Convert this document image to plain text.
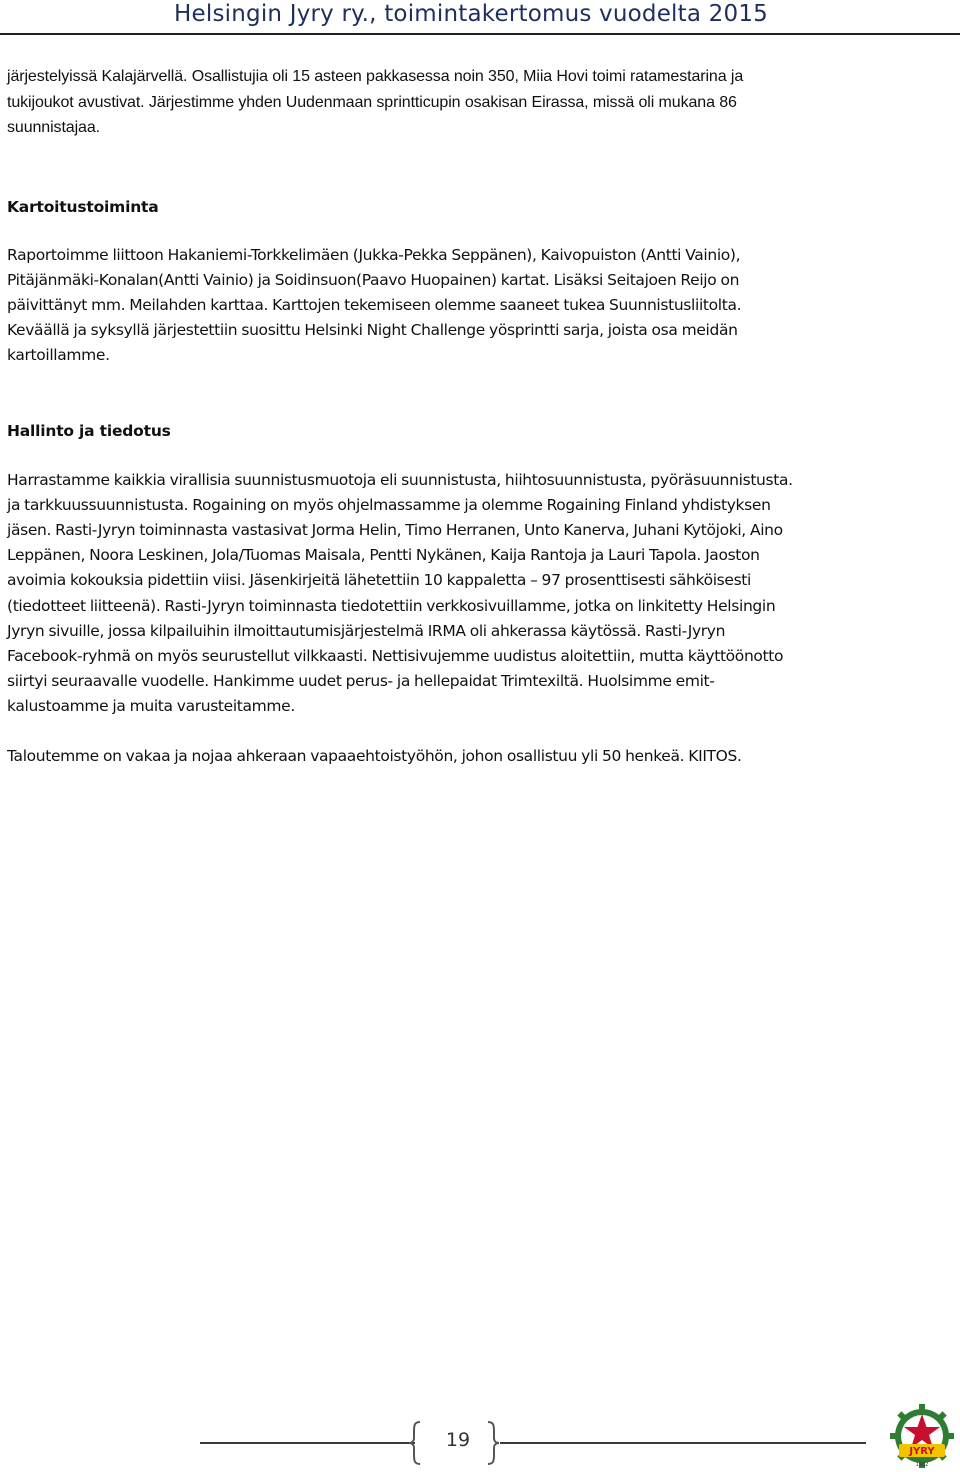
Helsingin Jyry ry., toimintakertomus vuodelta 2015

järjestelyissä Kalajärvellä. Osallistujia oli 15 asteen pakkasessa noin 350, Miia Hovi toimi ratamestarina ja
tukijoukot avustivat. Järjestimme yhden Uudenmaan sprintticupin osakisan Eirassa, missä oli mukana 86
suunnistajaa.

Kartoitustoiminta

Raportoimme liittoon Hakaniemi-Torkkelimäen (Jukka-Pekka Seppänen), Kaivopuiston (Antti Vainio),
Pitäjänmäki-Konalan(Antti Vainio) ja Soidinsuon(Paavo Huopainen) kartat. Lisäksi Seitajoen Reijo on
päivittänyt mm. Meilahden karttaa. Karttojen tekemiseen olemme saaneet tukea Suunnistusliitolta.
Keväällä ja syksyllä järjestettiin suosittu Helsinki Night Challenge yösprintti sarja, joista osa meidän
kartoillamme.

Hallinto ja tiedotus

Harrastamme kaikkia virallisia suunnistusmuotoja eli suunnistusta, hiihtosuunnistusta, pyöräsuunnistusta.
ja tarkkuussuunnistusta. Rogaining on myös ohjelmassamme ja olemme Rogaining Finland yhdistyksen
jäsen. Rasti-Jyryn toiminnasta vastasivat Jorma Helin, Timo Herranen, Unto Kanerva, Juhani Kytöjoki, Aino
Leppänen, Noora Leskinen, Jola/Tuomas Maisala, Pentti Nykänen, Kaija Rantoja ja Lauri Tapola. Jaoston
avoimia kokouksia pidettiin viisi. Jäsenkirjeitä lähetettiin 10 kappaletta – 97 prosenttisesti sähköisesti
(tiedotteet liitteenä). Rasti-Jyryn toiminnasta tiedotettiin verkkosivuillamme, jotka on linkitetty Helsingin
Jyryn sivuille, jossa kilpailuihin ilmoittautumisjärjestelmä IRMA oli ahkerassa käytössä. Rasti-Jyryn
Facebook-ryhmä on myös seurustellut vilkkaasti. Nettisivujemme uudistus aloitettiin, mutta käyttöönotto
siirtyi seuraavalle vuodelle. Hankimme uudet perus- ja hellepaidat Trimtexiltä. Huolsimme emit-
kalustoamme ja muita varusteitamme.

Taloutemme on vakaa ja nojaa ahkeraan vapaaehtoistyöhön, johon osallistuu yli 50 henkeä. KIITOS.

19
JYRY
1902
